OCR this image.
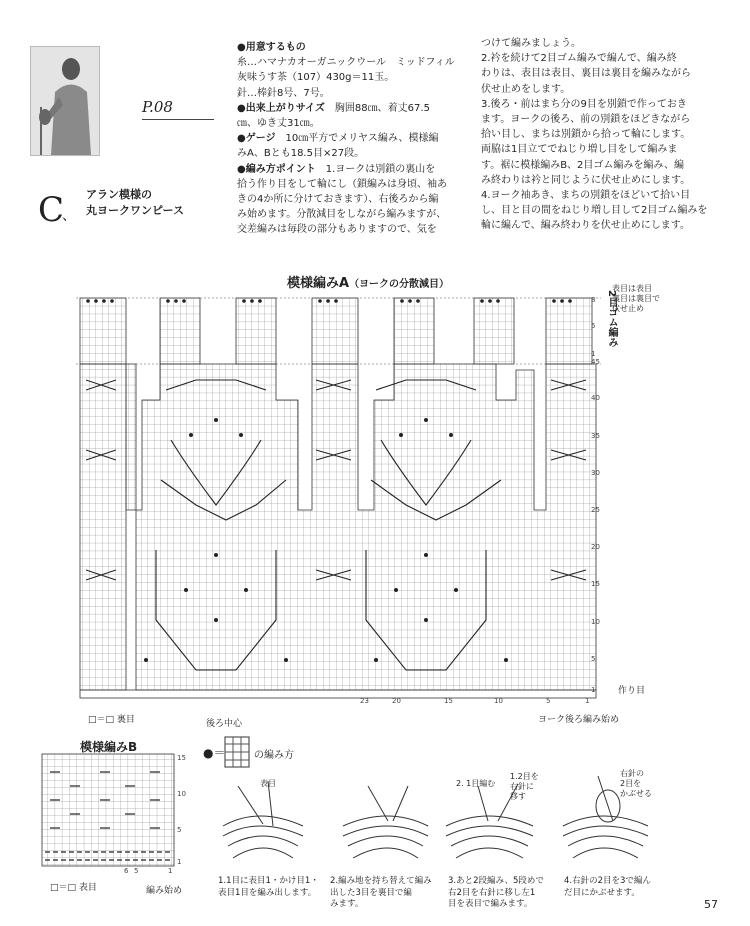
P.08
C
、
アラン模様の
丸ヨークワンピース

●用意するもの

糸…ハマナカオーガニックウール　ミッドフィル

灰味うす茶（107）430g＝11玉。

針…棒針8号、7号。

●出来上がりサイズ　胸囲88㎝、着丈67.5

㎝、ゆき丈31㎝。

●ゲージ　10㎝平方でメリヤス編み、模様編

みA、Bとも18.5目×27段。

●編み方ポイント　1.ヨークは別鎖の裏山を

拾う作り目をして輪にし（鎖編みは身頃、袖あ

きの4か所に分けておきます）、右後ろから編

み始めます。分散減目をしながら編みますが、

交差編みは毎段の部分もありますので、気を

つけて編みましょう。

2.衿を続けて2目ゴム編みで編んで、編み終

わりは、表目は表目、裏目は裏目を編みながら

伏せ止めをします。

3.後ろ・前はまち分の9目を別鎖で作っておき

ます。ヨークの後ろ、前の別鎖をほどきながら

拾い目し、まちは別鎖から拾って輪にします。

両脇は1目立てでねじり増し目をして編みま

す。裾に模様編みB、2目ゴム編みを編み、編

み終わりは衿と同じように伏せ止めにします。

4.ヨーク袖あき、まちの別鎖をほどいて拾い目

し、目と目の間をねじり増し目して2目ゴム編みを

輪に編んで、編み終わりを伏せ止めにします。

模様編みA（ヨークの分散減目）
8
5
1
45
40
35
30
25
20
15
10
5
1
23	20	15	10	5	1
表目は表目
裏目は裏目で
伏せ止め
2目ゴム編み
作り目
□＝□ 裏目	後ろ中心	ヨーク後ろ編み始め
模様編みB
15
10
5
1
6 5	1
□＝□ 表目	編み始め
●＝	の編み方
表目	2. 1目編む
1.2目を
右針に
移す
右針の
2目を
かぶせる
1.1目に表目1・かけ目1・
表目1目を編み出します。
2.編み地を持ち替えて編み
出した3目を裏目で編
みます。
3.あと2段編み、5段めで
右2目を右針に移し左1
目を表目で編みます。
4.右針の2目を3で編ん
だ目にかぶせます。
57
